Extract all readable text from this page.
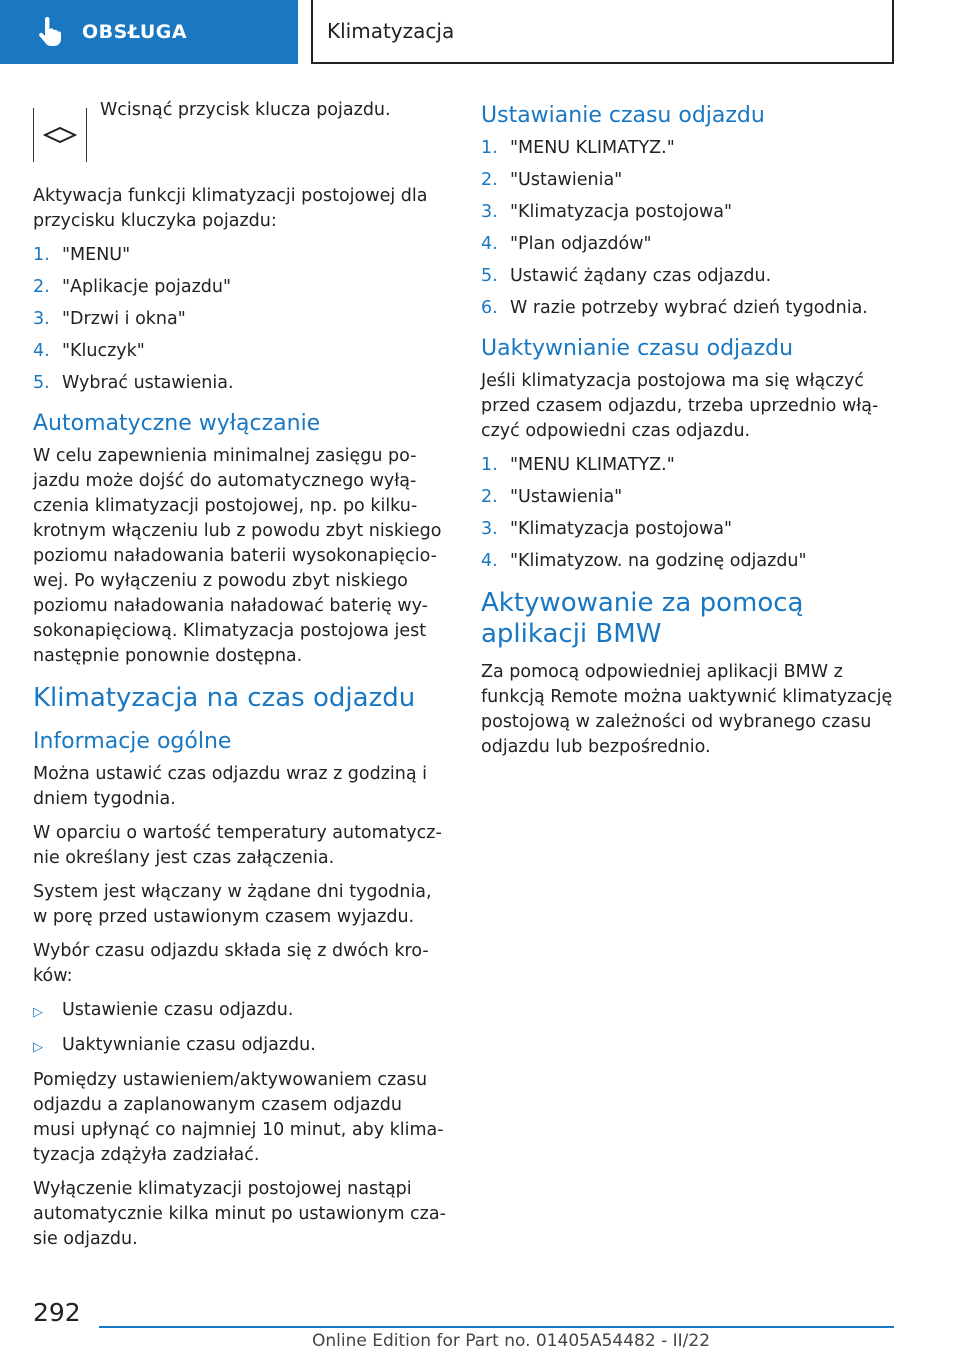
OBSŁUGA	Klimatyzacja
Wcisnąć przycisk klucza pojazdu.

Aktywacja funkcji klimatyzacji postojowej dla przycisku kluczyka pojazdu:

1. "MENU"
2. "Aplikacje pojazdu"
3. "Drzwi i okna"
4. "Kluczyk"
5. Wybrać ustawienia.
Automatyczne wyłączanie

W celu zapewnienia minimalnej zasięgu po-jazdu może dojść do automatycznego wyłą-czenia klimatyzacji postojowej, np. po kilku-krotnym włączeniu lub z powodu zbyt niskiego poziomu naładowania baterii wysokonapięcio-wej. Po wyłączeniu z powodu zbyt niskiego poziomu naładowania naładować baterię wy-sokonapięciową. Klimatyzacja postojowa jest następnie ponownie dostępna.

Klimatyzacja na czas odjazdu
Informacje ogólne

Można ustawić czas odjazdu wraz z godziną i dniem tygodnia.

W oparciu o wartość temperatury automatycz-nie określany jest czas załączenia.

System jest włączany w żądane dni tygodnia, w porę przed ustawionym czasem wyjazdu.

Wybór czasu odjazdu składa się z dwóch kro-ków:

▷	Ustawienie czasu odjazdu.
▷	Uaktywnianie czasu odjazdu.

Pomiędzy ustawieniem/aktywowaniem czasu odjazdu a zaplanowanym czasem odjazdu musi upłynąć co najmniej 10 minut, aby klima-tyzacja zdążyła zadziałać.

Wyłączenie klimatyzacji postojowej nastąpi automatycznie kilka minut po ustawionym cza-sie odjazdu.

Ustawianie czasu odjazdu
1. "MENU KLIMATYZ."
2. "Ustawienia"
3. "Klimatyzacja postojowa"
4. "Plan odjazdów"
5. Ustawić żądany czas odjazdu.
6. W razie potrzeby wybrać dzień tygodnia.
Uaktywnianie czasu odjazdu

Jeśli klimatyzacja postojowa ma się włączyć przed czasem odjazdu, trzeba uprzednio włą-czyć odpowiedni czas odjazdu.

1. "MENU KLIMATYZ."
2. "Ustawienia"
3. "Klimatyzacja postojowa"
4. "Klimatyzow. na godzinę odjazdu"
Aktywowanie za pomocą aplikacji BMW

Za pomocą odpowiedniej aplikacji BMW z funkcją Remote można uaktywnić klimatyzację postojową w zależności od wybranego czasu odjazdu lub bezpośrednio.

292
Online Edition for Part no. 01405A54482 - II/22
